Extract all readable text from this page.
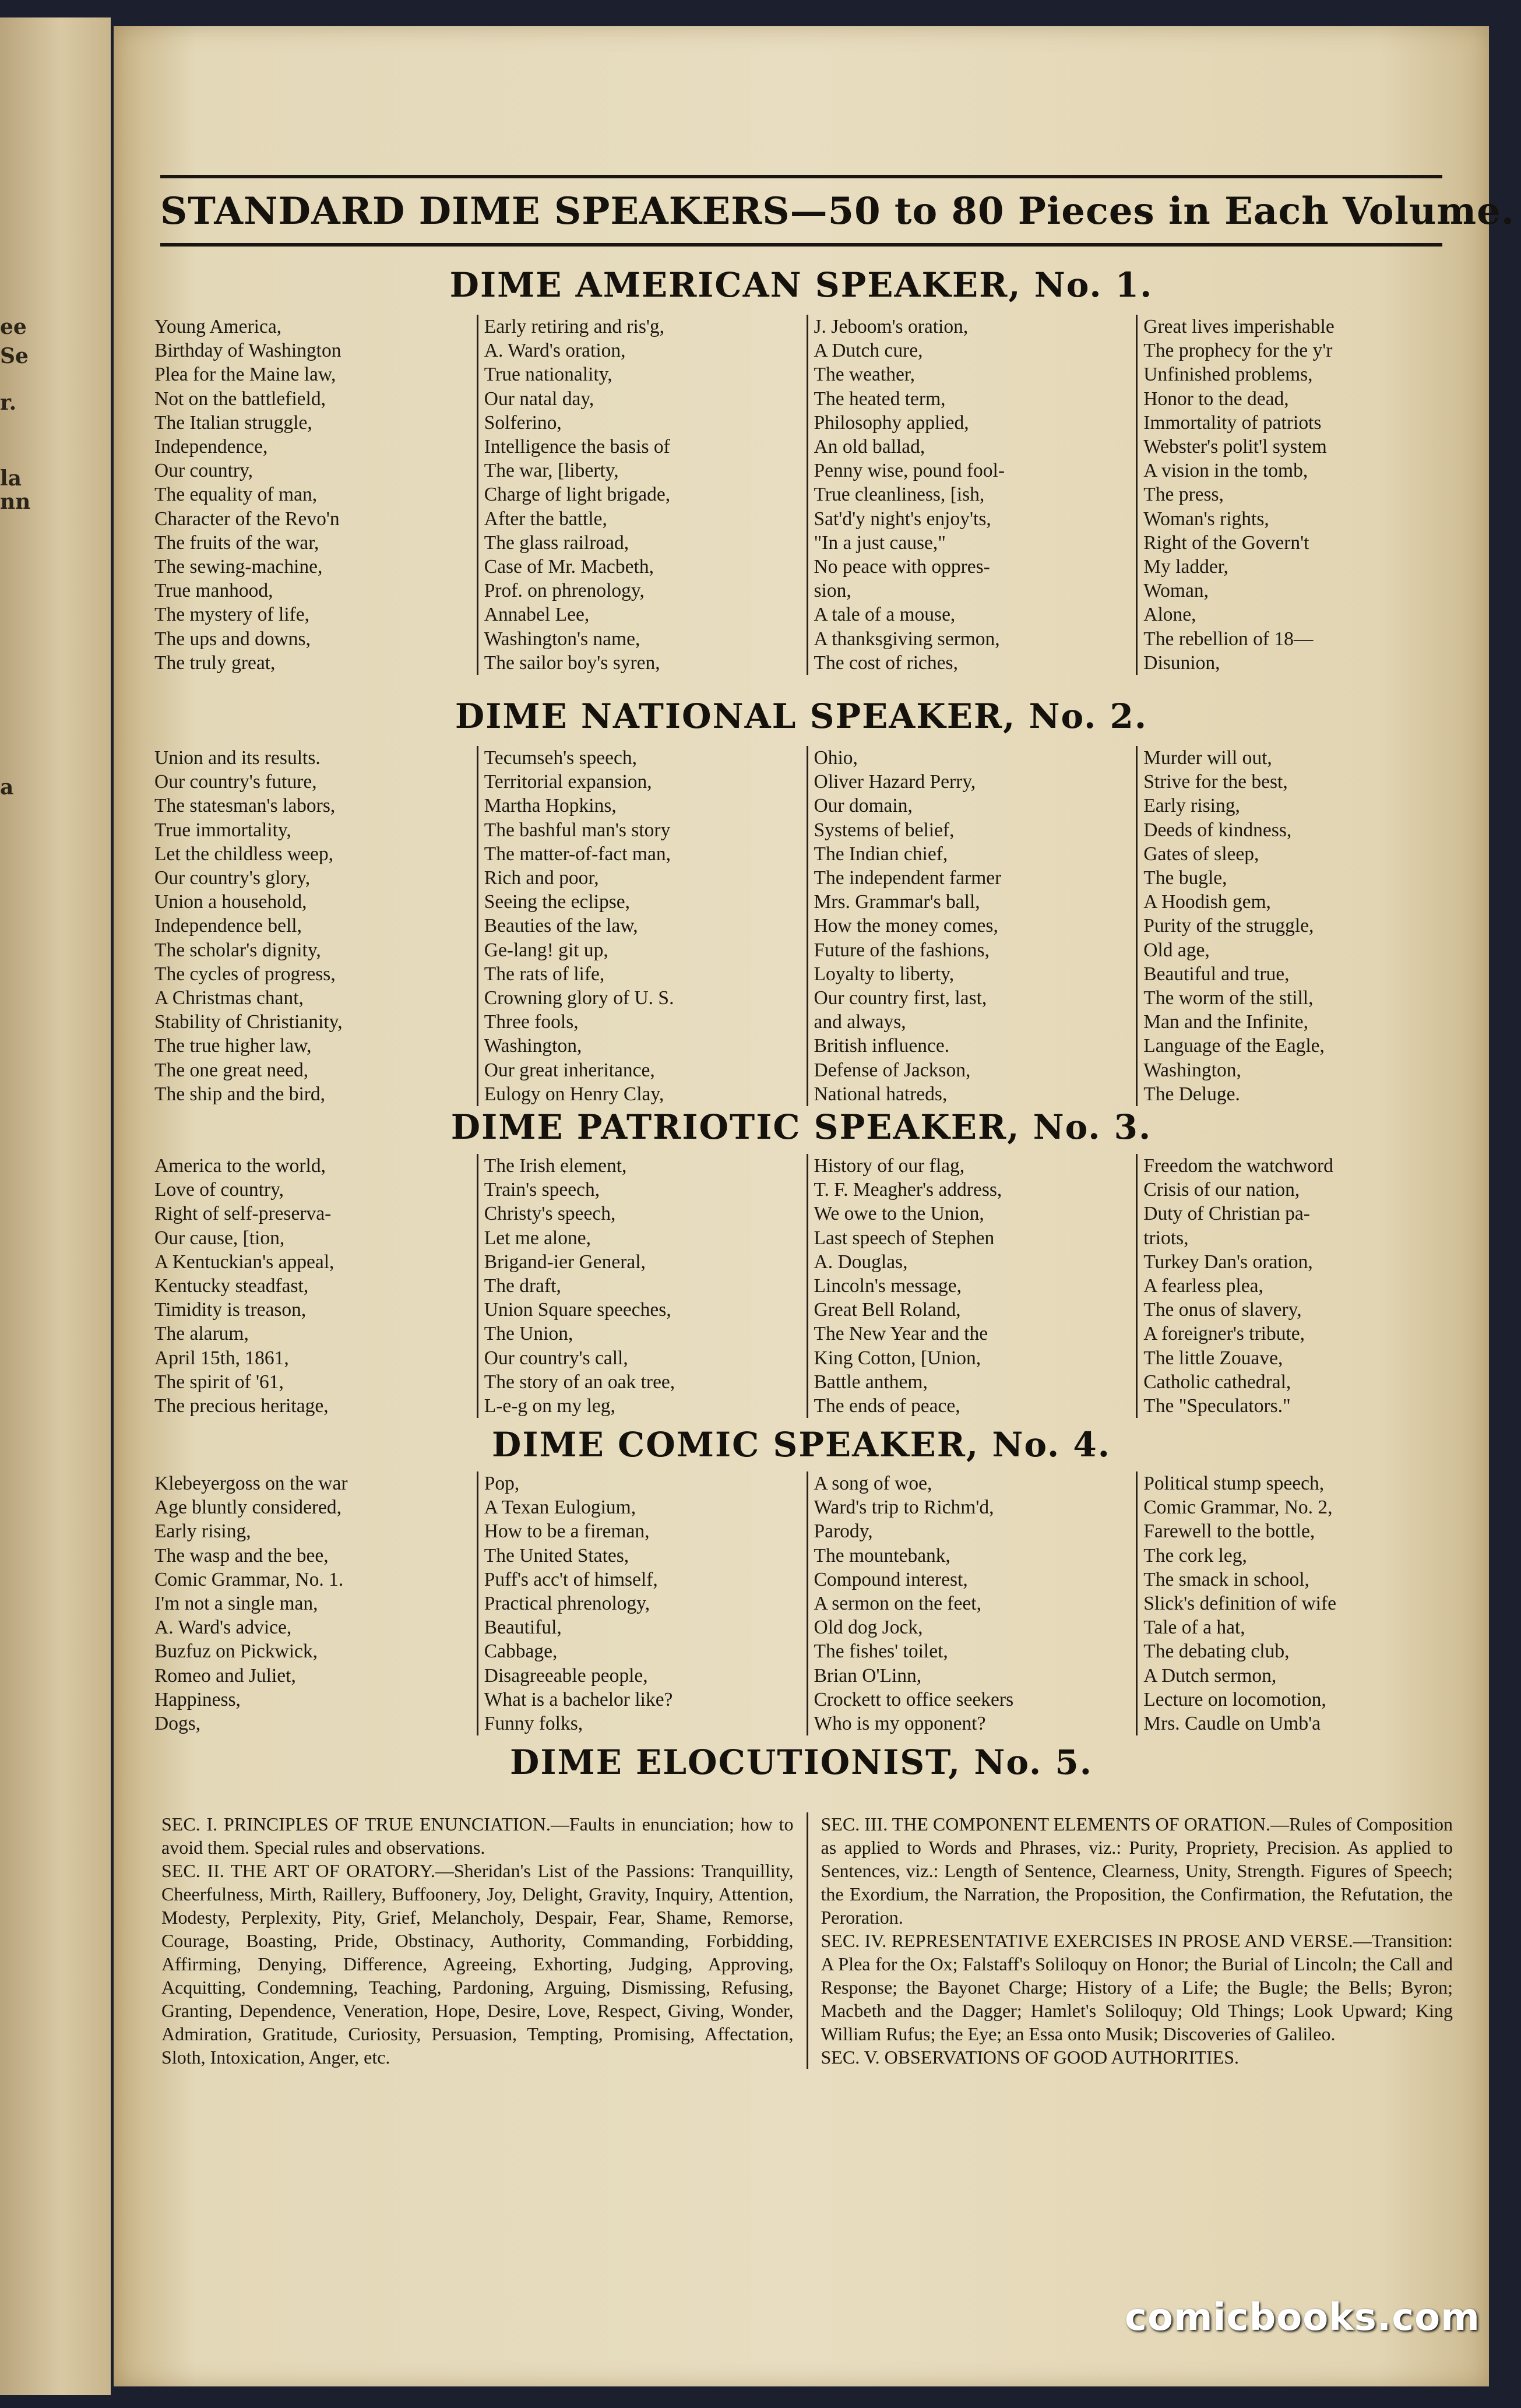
ee
Se
r.
la
nn
a
STANDARD DIME SPEAKERS—50 to 80 Pieces in Each Volume.
DIME AMERICAN SPEAKER, No. 1.
Young America,
Birthday of Washington
Plea for the Maine law,
Not on the battlefield,
The Italian struggle,
Independence,
Our country,
The equality of man,
Character of the Revo'n
The fruits of the war,
The sewing-machine,
True manhood,
The mystery of life,
The ups and downs,
The truly great,
Early retiring and ris'g,
A. Ward's oration,
True nationality,
Our natal day,
Solferino,
Intelligence the basis of
The war, [liberty,
Charge of light brigade,
After the battle,
The glass railroad,
Case of Mr. Macbeth,
Prof. on phrenology,
Annabel Lee,
Washington's name,
The sailor boy's syren,
J. Jeboom's oration,
A Dutch cure,
The weather,
The heated term,
Philosophy applied,
An old ballad,
Penny wise, pound fool-
True cleanliness, [ish,
Sat'd'y night's enjoy'ts,
"In a just cause,"
No peace with oppres-
sion,
A tale of a mouse,
A thanksgiving sermon,
The cost of riches,
Great lives imperishable
The prophecy for the y'r
Unfinished problems,
Honor to the dead,
Immortality of patriots
Webster's polit'l system
A vision in the tomb,
The press,
Woman's rights,
Right of the Govern't
My ladder,
Woman,
Alone,
The rebellion of 18—
Disunion,
DIME NATIONAL SPEAKER, No. 2.
Union and its results.
Our country's future,
The statesman's labors,
True immortality,
Let the childless weep,
Our country's glory,
Union a household,
Independence bell,
The scholar's dignity,
The cycles of progress,
A Christmas chant,
Stability of Christianity,
The true higher law,
The one great need,
The ship and the bird,
Tecumseh's speech,
Territorial expansion,
Martha Hopkins,
The bashful man's story
The matter-of-fact man,
Rich and poor,
Seeing the eclipse,
Beauties of the law,
Ge-lang! git up,
The rats of life,
Crowning glory of U. S.
Three fools,
Washington,
Our great inheritance,
Eulogy on Henry Clay,
Ohio,
Oliver Hazard Perry,
Our domain,
Systems of belief,
The Indian chief,
The independent farmer
Mrs. Grammar's ball,
How the money comes,
Future of the fashions,
Loyalty to liberty,
Our country first, last,
and always,
British influence.
Defense of Jackson,
National hatreds,
Murder will out,
Strive for the best,
Early rising,
Deeds of kindness,
Gates of sleep,
The bugle,
A Hoodish gem,
Purity of the struggle,
Old age,
Beautiful and true,
The worm of the still,
Man and the Infinite,
Language of the Eagle,
Washington,
The Deluge.
DIME PATRIOTIC SPEAKER, No. 3.
America to the world,
Love of country,
Right of self-preserva-
Our cause, [tion,
A Kentuckian's appeal,
Kentucky steadfast,
Timidity is treason,
The alarum,
April 15th, 1861,
The spirit of '61,
The precious heritage,
The Irish element,
Train's speech,
Christy's speech,
Let me alone,
Brigand-ier General,
The draft,
Union Square speeches,
The Union,
Our country's call,
The story of an oak tree,
L-e-g on my leg,
History of our flag,
T. F. Meagher's address,
We owe to the Union,
Last speech of Stephen
A. Douglas,
Lincoln's message,
Great Bell Roland,
The New Year and the
King Cotton, [Union,
Battle anthem,
The ends of peace,
Freedom the watchword
Crisis of our nation,
Duty of Christian pa-
triots,
Turkey Dan's oration,
A fearless plea,
The onus of slavery,
A foreigner's tribute,
The little Zouave,
Catholic cathedral,
The "Speculators."
DIME COMIC SPEAKER, No. 4.
Klebeyergoss on the war
Age bluntly considered,
Early rising,
The wasp and the bee,
Comic Grammar, No. 1.
I'm not a single man,
A. Ward's advice,
Buzfuz on Pickwick,
Romeo and Juliet,
Happiness,
Dogs,
Pop,
A Texan Eulogium,
How to be a fireman,
The United States,
Puff's acc't of himself,
Practical phrenology,
Beautiful,
Cabbage,
Disagreeable people,
What is a bachelor like?
Funny folks,
A song of woe,
Ward's trip to Richm'd,
Parody,
The mountebank,
Compound interest,
A sermon on the feet,
Old dog Jock,
The fishes' toilet,
Brian O'Linn,
Crockett to office seekers
Who is my opponent?
Political stump speech,
Comic Grammar, No. 2,
Farewell to the bottle,
The cork leg,
The smack in school,
Slick's definition of wife
Tale of a hat,
The debating club,
A Dutch sermon,
Lecture on locomotion,
Mrs. Caudle on Umb'a
DIME ELOCUTIONIST, No. 5.

SEC. I. PRINCIPLES OF TRUE ENUNCIATION.—Faults in enunciation; how to avoid them. Special rules and observations.

SEC. II. THE ART OF ORATORY.—Sheridan's List of the Passions: Tranquillity, Cheerfulness, Mirth, Raillery, Buffoonery, Joy, Delight, Gravity, Inquiry, Attention, Modesty, Perplexity, Pity, Grief, Melancholy, Despair, Fear, Shame, Remorse, Courage, Boasting, Pride, Obstinacy, Authority, Commanding, Forbidding, Affirming, Denying, Difference, Agreeing, Exhorting, Judging, Approving, Acquitting, Condemning, Teaching, Pardoning, Arguing, Dismissing, Refusing, Granting, Dependence, Veneration, Hope, Desire, Love, Respect, Giving, Wonder, Admiration, Gratitude, Curiosity, Persuasion, Tempting, Promising, Affectation, Sloth, Intoxication, Anger, etc.

SEC. III. THE COMPONENT ELEMENTS OF ORATION.—Rules of Composition as applied to Words and Phrases, viz.: Purity, Propriety, Precision. As applied to Sentences, viz.: Length of Sentence, Clearness, Unity, Strength. Figures of Speech; the Exordium, the Narration, the Proposition, the Confirmation, the Refutation, the Peroration.

SEC. IV. REPRESENTATIVE EXERCISES IN PROSE AND VERSE.—Transition: A Plea for the Ox; Falstaff's Soliloquy on Honor; the Burial of Lincoln; the Call and Response; the Bayonet Charge; History of a Life; the Bugle; the Bells; Byron; Macbeth and the Dagger; Hamlet's Soliloquy; Old Things; Look Upward; King William Rufus; the Eye; an Essa onto Musik; Discoveries of Galileo.

SEC. V. OBSERVATIONS OF GOOD AUTHORITIES.

comicbooks.com
